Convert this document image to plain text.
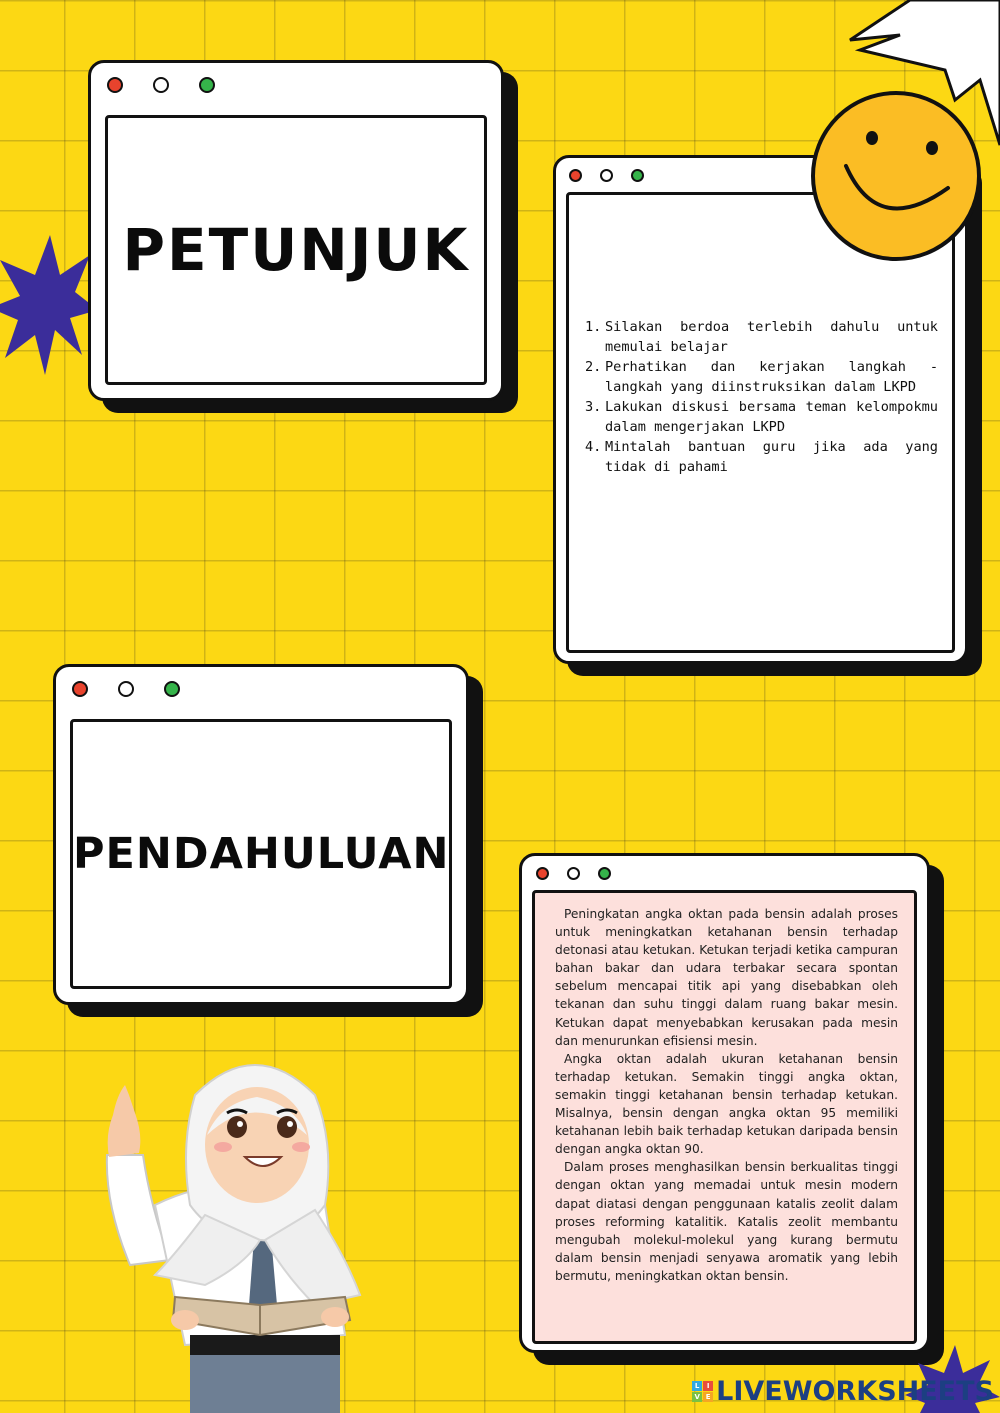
PETUNJUK
1. Silakan berdoa terlebih dahulu untuk memulai belajar
2. Perhatikan dan kerjakan langkah - langkah yang diinstruksikan dalam LKPD
3. Lakukan diskusi bersama teman kelompokmu dalam mengerjakan LKPD
4. Mintalah bantuan guru jika ada yang tidak di pahami
PENDAHULUAN

Peningkatan angka oktan pada bensin adalah proses untuk meningkatkan ketahanan bensin terhadap detonasi atau ketukan. Ketukan terjadi ketika campuran bahan bakar dan udara terbakar secara spontan sebelum mencapai titik api yang disebabkan oleh tekanan dan suhu tinggi dalam ruang bakar mesin. Ketukan dapat menyebabkan kerusakan pada mesin dan menurunkan efisiensi mesin.

Angka oktan adalah ukuran ketahanan bensin terhadap ketukan. Semakin tinggi angka oktan, semakin tinggi ketahanan bensin terhadap ketukan. Misalnya, bensin dengan angka oktan 95 memiliki ketahanan lebih baik terhadap ketukan daripada bensin dengan angka oktan 90.

Dalam proses menghasilkan bensin berkualitas tinggi dengan oktan yang memadai untuk mesin modern dapat diatasi dengan penggunaan katalis zeolit dalam proses reforming katalitik. Katalis zeolit membantu mengubah molekul-molekul yang kurang bermutu dalam bensin menjadi senyawa aromatik yang lebih bermutu, meningkatkan oktan bensin.

L	I
V E LIVEWORKSHEETS
